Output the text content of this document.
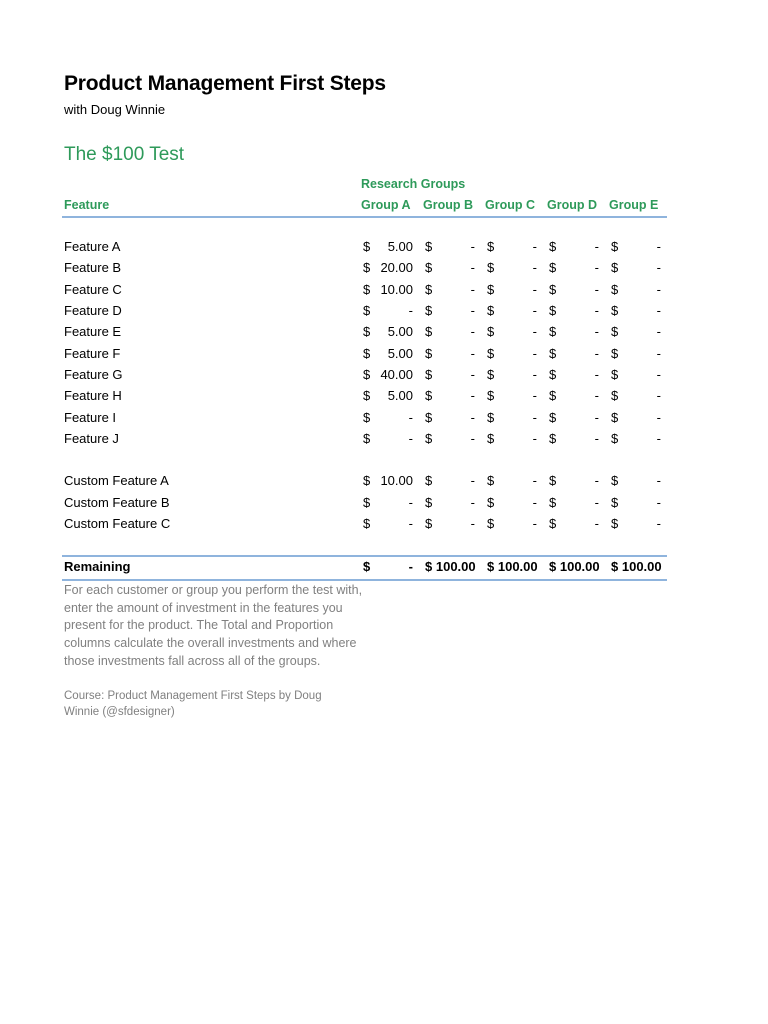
Product Management First Steps
with Doug Winnie
The $100 Test
Research Groups
Feature	Group A Group B Group C Group D Group E
Feature A	$ 5.00 $	- $	- $	- $	-
Feature B	$ 20.00 $	- $	- $	- $	-
Feature C	$ 10.00 $	- $	- $	- $	-
Feature D	$	- $	- $	- $	- $	-
Feature E	$ 5.00 $	- $	- $	- $	-
Feature F	$ 5.00 $	- $	- $	- $	-
Feature G	$ 40.00 $	- $	- $	- $	-
Feature H	$ 5.00 $	- $	- $	- $	-
Feature I	$	- $	- $	- $	- $	-
Feature J	$	- $	- $	- $	- $	-
Custom Feature A	$ 10.00 $	- $	- $	- $	-
Custom Feature B	$	- $	- $	- $	- $	-
Custom Feature C	$	- $	- $	- $	- $	-
Remaining	$	- $ 100.00 $ 100.00 $ 100.00 $ 100.00
For each customer or group you perform the test with, enter the amount of investment in the features you present for the product. The Total and Proportion columns calculate the overall investments and where those investments fall across all of the groups.
Course: Product Management First Steps by Doug Winnie (@sfdesigner)
